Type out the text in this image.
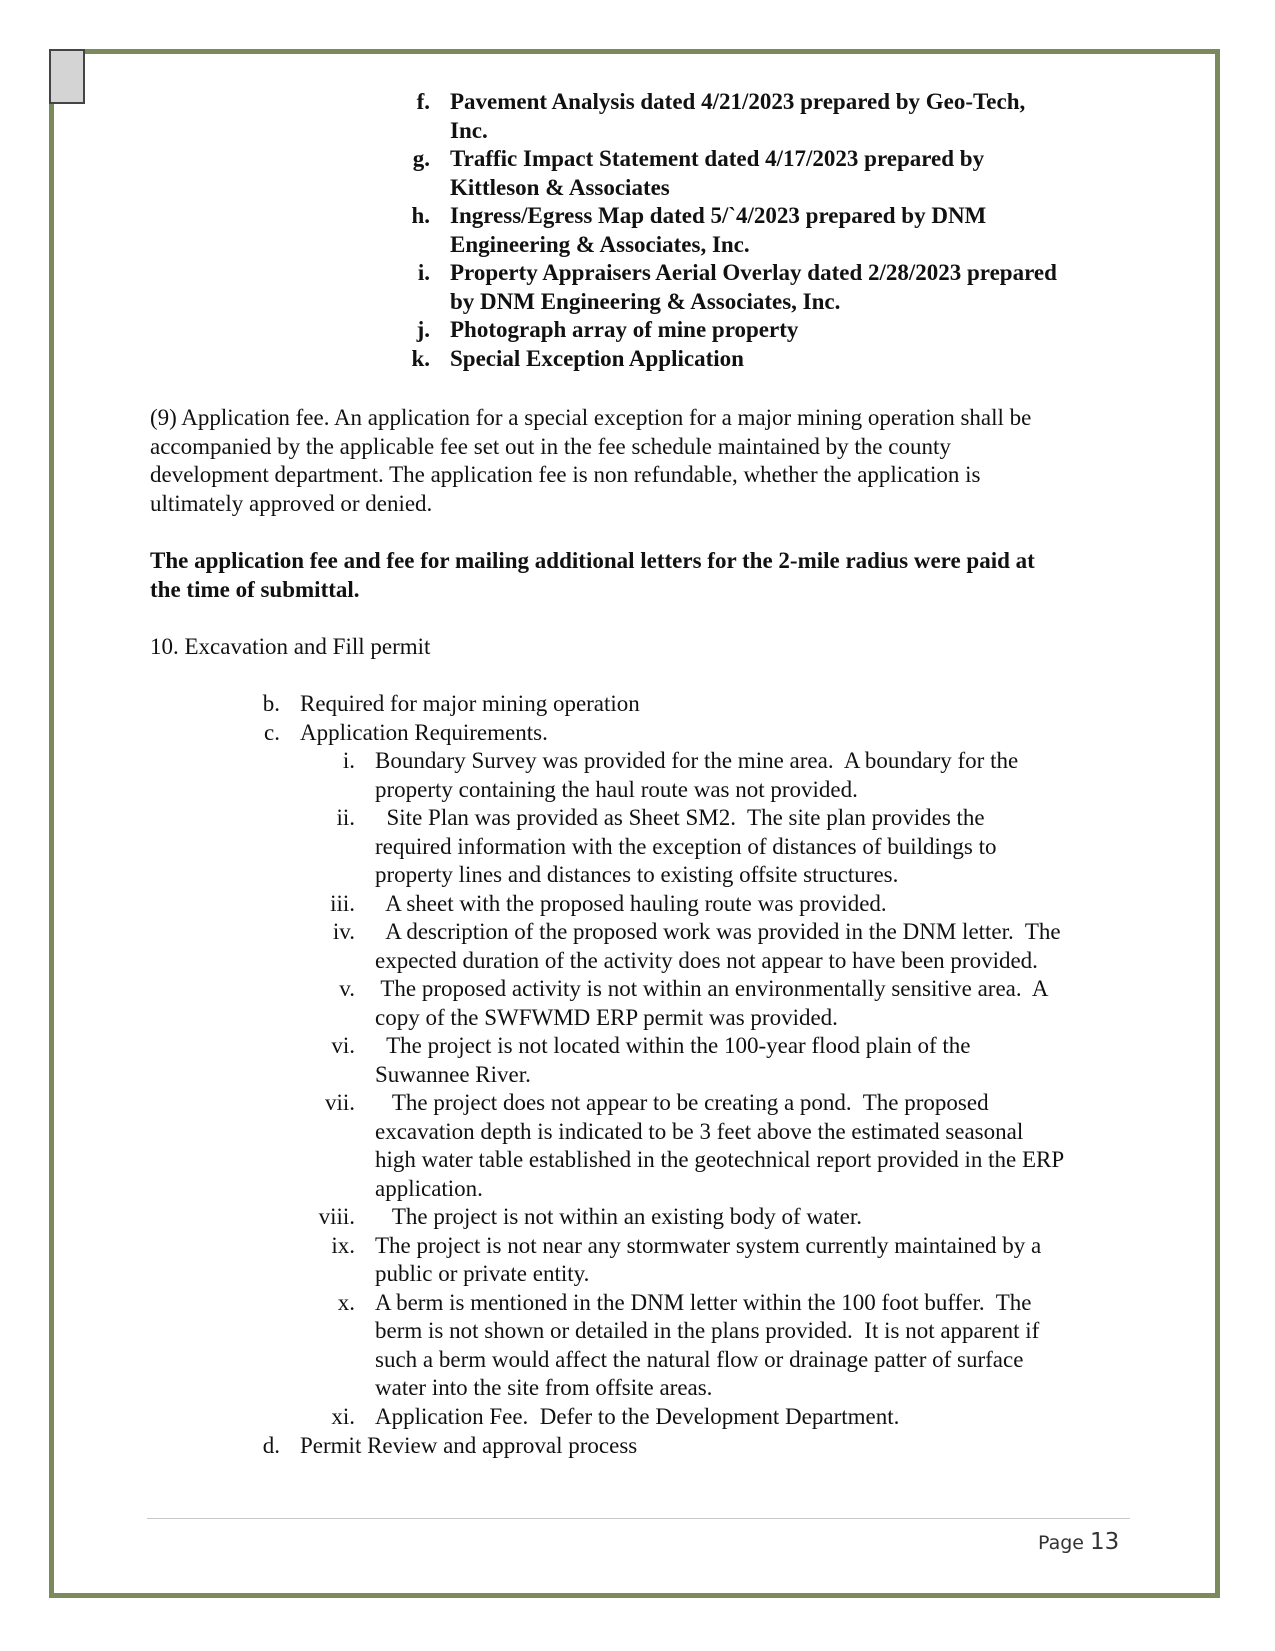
f. Pavement Analysis dated 4/21/2023 prepared by Geo-Tech,
Inc.
g. Traffic Impact Statement dated 4/17/2023 prepared by
Kittleson & Associates
h. Ingress/Egress Map dated 5/`4/2023 prepared by DNM
Engineering & Associates, Inc.
i. Property Appraisers Aerial Overlay dated 2/28/2023 prepared
by DNM Engineering & Associates, Inc.
j. Photograph array of mine property
k. Special Exception Application
(9) Application fee. An application for a special exception for a major mining operation shall be
accompanied by the applicable fee set out in the fee schedule maintained by the county
development department. The application fee is non refundable, whether the application is
ultimately approved or denied.
The application fee and fee for mailing additional letters for the 2-mile radius were paid at
the time of submittal.
10. Excavation and Fill permit
b. Required for major mining operation
c. Application Requirements.
i. Boundary Survey was provided for the mine area.  A boundary for the
property containing the haul route was not provided.
ii. Site Plan was provided as Sheet SM2.  The site plan provides the
required information with the exception of distances of buildings to
property lines and distances to existing offsite structures.
iii. A sheet with the proposed hauling route was provided.
iv. A description of the proposed work was provided in the DNM letter.  The
expected duration of the activity does not appear to have been provided.
v. The proposed activity is not within an environmentally sensitive area.  A
copy of the SWFWMD ERP permit was provided.
vi. The project is not located within the 100-year flood plain of the
Suwannee River.
vii. The project does not appear to be creating a pond.  The proposed
excavation depth is indicated to be 3 feet above the estimated seasonal
high water table established in the geotechnical report provided in the ERP
application.
viii. The project is not within an existing body of water.
ix. The project is not near any stormwater system currently maintained by a
public or private entity.
x. A berm is mentioned in the DNM letter within the 100 foot buffer.  The
berm is not shown or detailed in the plans provided.  It is not apparent if
such a berm would affect the natural flow or drainage patter of surface
water into the site from offsite areas.
xi. Application Fee.  Defer to the Development Department.
d. Permit Review and approval process
Page 13
